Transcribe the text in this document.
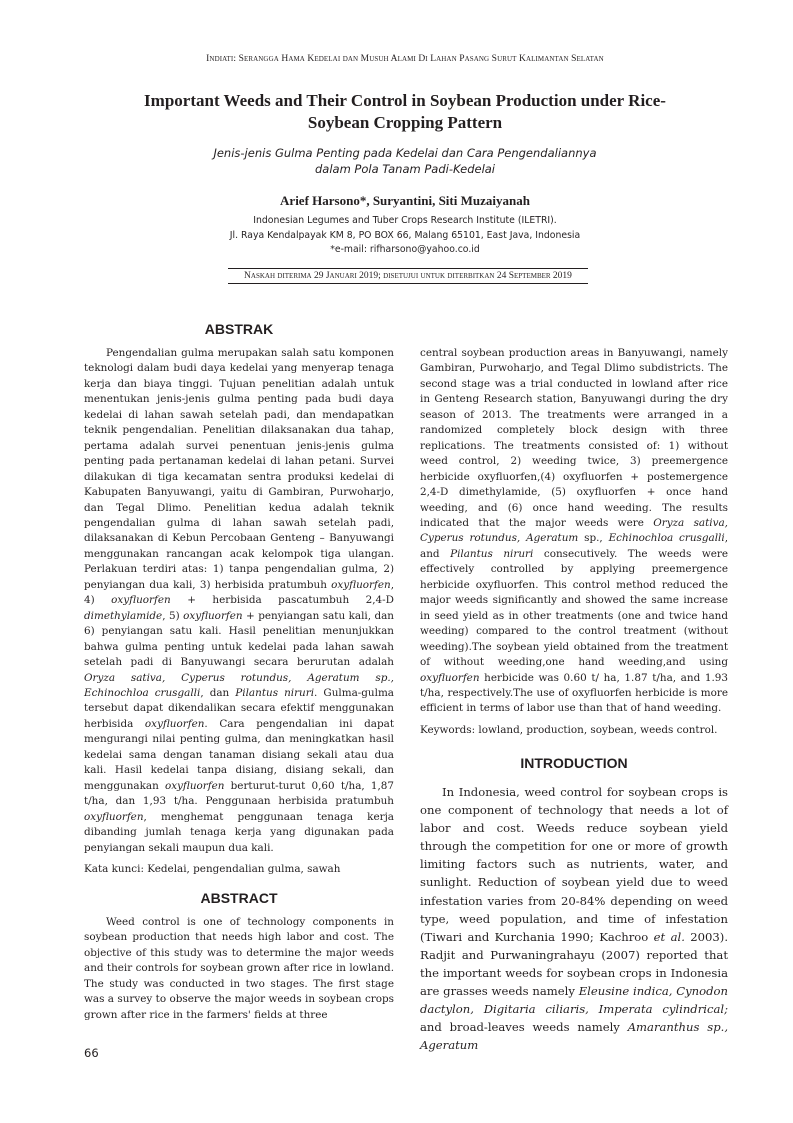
Indiati: Serangga Hama Kedelai dan Musuh Alami Di Lahan Pasang Surut Kalimantan Selatan
Important Weeds and Their Control in Soybean Production under Rice-Soybean Cropping Pattern
Jenis-jenis Gulma Penting pada Kedelai dan Cara Pengendaliannya
dalam Pola Tanam Padi-Kedelai
Arief Harsono*, Suryantini, Siti Muzaiyanah
Indonesian Legumes and Tuber Crops Research Institute (ILETRI).
Jl. Raya Kendalpayak KM 8, PO BOX 66, Malang 65101, East Java, Indonesia
*e-mail: rifharsono@yahoo.co.id
Naskah diterima 29 Januari 2019; disetujui untuk diterbitkan 24 September 2019
ABSTRAK

Pengendalian gulma merupakan salah satu komponen teknologi dalam budi daya kedelai yang menyerap tenaga kerja dan biaya tinggi. Tujuan penelitian adalah untuk menentukan jenis-jenis gulma penting pada budi daya kedelai di lahan sawah setelah padi, dan mendapatkan teknik pengendalian. Penelitian dilaksanakan dua tahap, pertama adalah survei penentuan jenis-jenis gulma penting pada pertanaman kedelai di lahan petani. Survei dilakukan di tiga kecamatan sentra produksi kedelai di Kabupaten Banyuwangi, yaitu di Gambiran, Purwoharjo, dan Tegal Dlimo. Penelitian kedua adalah teknik pengendalian gulma di lahan sawah setelah padi, dilaksanakan di Kebun Percobaan Genteng – Banyuwangi menggunakan rancangan acak kelompok tiga ulangan. Perlakuan terdiri atas: 1) tanpa pengendalian gulma, 2) penyiangan dua kali, 3) herbisida pratumbuh oxyfluorfen, 4) oxyfluorfen + herbisida pascatumbuh 2,4-D dimethylamide, 5) oxyfluorfen + penyiangan satu kali, dan 6) penyiangan satu kali. Hasil penelitian menunjukkan bahwa gulma penting untuk kedelai pada lahan sawah setelah padi di Banyuwangi secara berurutan adalah Oryza sativa, Cyperus rotundus, Ageratum sp., Echinochloa crusgalli, dan Pilantus niruri. Gulma-gulma tersebut dapat dikendalikan secara efektif menggunakan herbisida oxyfluorfen. Cara pengendalian ini dapat mengurangi nilai penting gulma, dan meningkatkan hasil kedelai sama dengan tanaman disiang sekali atau dua kali. Hasil kedelai tanpa disiang, disiang sekali, dan menggunakan oxyfluorfen berturut-turut 0,60 t/ha, 1,87 t/ha, dan 1,93 t/ha. Penggunaan herbisida pratumbuh oxyfluorfen, menghemat penggunaan tenaga kerja dibanding jumlah tenaga kerja yang digunakan pada penyiangan sekali maupun dua kali.

Kata kunci: Kedelai, pengendalian gulma, sawah

ABSTRACT

Weed control is one of technology components in soybean production that needs high labor and cost. The objective of this study was to determine the major weeds and their controls for soybean grown after rice in lowland. The study was conducted in two stages. The first stage was a survey to observe the major weeds in soybean crops grown after rice in the farmers' fields at three

central soybean production areas in Banyuwangi, namely Gambiran, Purwoharjo, and Tegal Dlimo subdistricts. The second stage was a trial conducted in lowland after rice in Genteng Research station, Banyuwangi during the dry season of 2013. The treatments were arranged in a randomized completely block design with three replications. The treatments consisted of: 1) without weed control, 2) weeding twice, 3) preemergence herbicide oxyfluorfen,(4) oxyfluorfen + postemergence 2,4-D dimethylamide, (5) oxyfluorfen + once hand weeding, and (6) once hand weeding. The results indicated that the major weeds were Oryza sativa, Cyperus rotundus, Ageratum sp., Echinochloa crusgalli, and Pilantus niruri consecutively. The weeds were effectively controlled by applying preemergence herbicide oxyfluorfen. This control method reduced the major weeds significantly and showed the same increase in seed yield as in other treatments (one and twice hand weeding) compared to the control treatment (without weeding).The soybean yield obtained from the treatment of without weeding,one hand weeding,and using oxyfluorfen herbicide was 0.60 t/ ha, 1.87 t/ha, and 1.93 t/ha, respectively.The use of oxyfluorfen herbicide is more efficient in terms of labor use than that of hand weeding.

Keywords: lowland, production, soybean, weeds control.

INTRODUCTION

In Indonesia, weed control for soybean crops is one component of technology that needs a lot of labor and cost. Weeds reduce soybean yield through the competition for one or more of growth limiting factors such as nutrients, water, and sunlight. Reduction of soybean yield due to weed infestation varies from 20-84% depending on weed type, weed population, and time of infestation (Tiwari and Kurchania 1990; Kachroo et al. 2003). Radjit and Purwaningrahayu (2007) reported that the important weeds for soybean crops in Indonesia are grasses weeds namely Eleusine indica, Cynodon dactylon, Digitaria ciliaris, Imperata cylindrical; and broad-leaves weeds namely Amaranthus sp., Ageratum

66
